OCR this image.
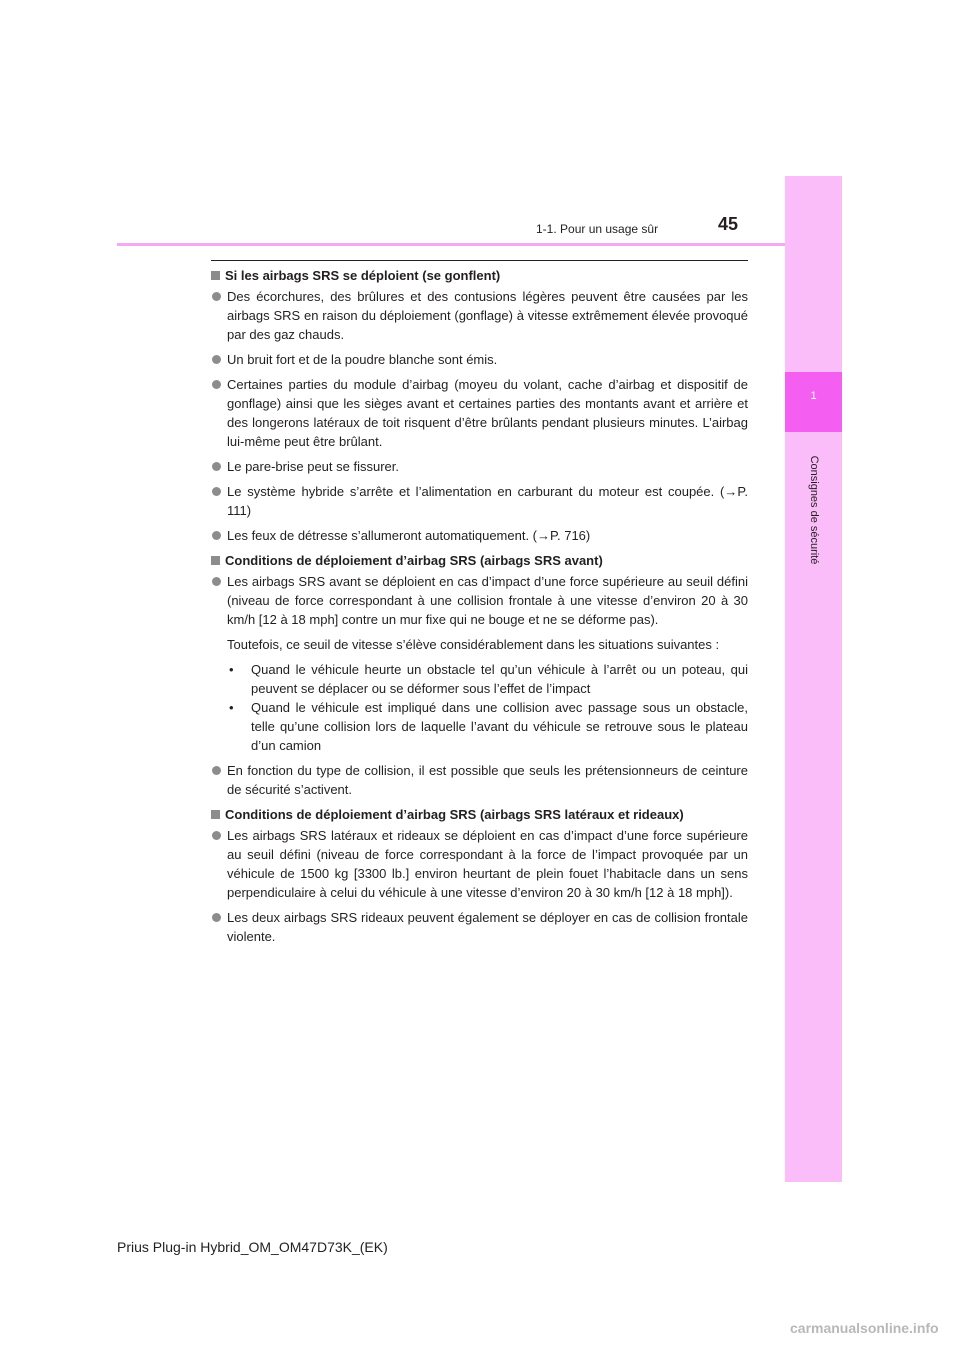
1
Consignes de sécurité
1-1. Pour un usage sûr	45
Si les airbags SRS se déploient (se gonflent)
Des écorchures, des brûlures et des contusions légères peuvent être causées par les airbags SRS en raison du déploiement (gonflage) à vitesse extrêmement élevée provoqué par des gaz chauds.
Un bruit fort et de la poudre blanche sont émis.
Certaines parties du module d’airbag (moyeu du volant, cache d’airbag et dispositif de gonflage) ainsi que les sièges avant et certaines parties des montants avant et arrière et des longerons latéraux de toit risquent d’être brûlants pendant plusieurs minutes. L’airbag lui-même peut être brûlant.
Le pare-brise peut se fissurer.
Le système hybride s’arrête et l’alimentation en carburant du moteur est coupée. (→P. 111)
Les feux de détresse s’allumeront automatiquement. (→P. 716)
Conditions de déploiement d’airbag SRS (airbags SRS avant)
Les airbags SRS avant se déploient en cas d’impact d’une force supérieure au seuil défini (niveau de force correspondant à une collision frontale à une vitesse d’environ 20 à 30 km/h [12 à 18 mph] contre un mur fixe qui ne bouge et ne se déforme pas).
Toutefois, ce seuil de vitesse s’élève considérablement dans les situations suivantes :
• Quand le véhicule heurte un obstacle tel qu’un véhicule à l’arrêt ou un poteau, qui peuvent se déplacer ou se déformer sous l’effet de l’impact
• Quand le véhicule est impliqué dans une collision avec passage sous un obstacle, telle qu’une collision lors de laquelle l’avant du véhicule se retrouve sous le plateau d’un camion
En fonction du type de collision, il est possible que seuls les prétensionneurs de ceinture de sécurité s’activent.
Conditions de déploiement d’airbag SRS (airbags SRS latéraux et rideaux)
Les airbags SRS latéraux et rideaux se déploient en cas d’impact d’une force supérieure au seuil défini (niveau de force correspondant à la force de l’impact provoquée par un véhicule de 1500 kg [3300 lb.] environ heurtant de plein fouet l’habitacle dans un sens perpendiculaire à celui du véhicule à une vitesse d’environ 20 à 30 km/h [12 à 18 mph]).
Les deux airbags SRS rideaux peuvent également se déployer en cas de collision frontale violente.
Prius Plug-in Hybrid_OM_OM47D73K_(EK)
carmanualsonline.info
